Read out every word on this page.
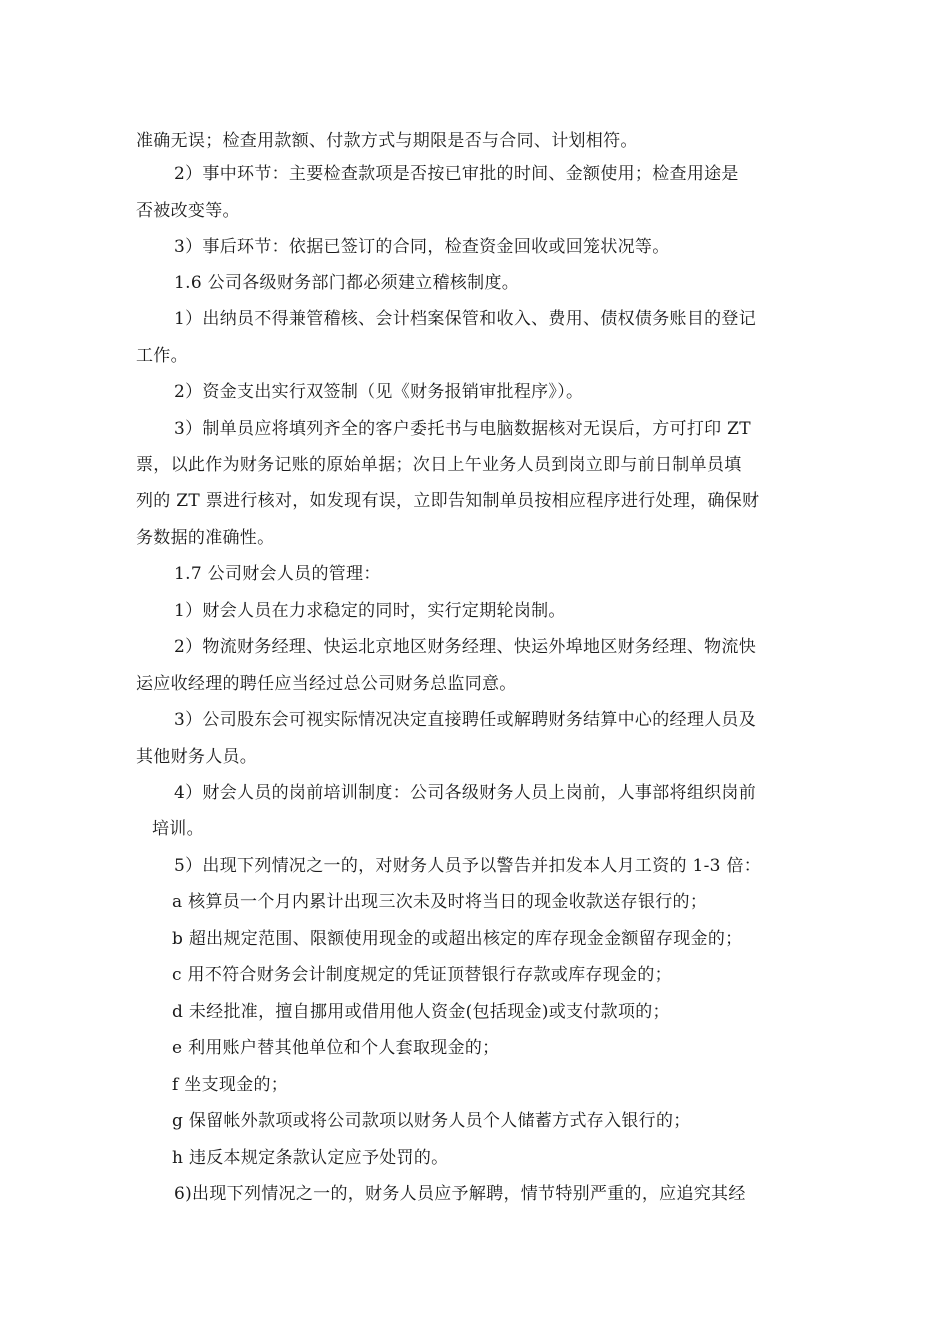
准确无误；检查用款额、付款方式与期限是否与合同、计划相符。
2）事中环节：主要检查款项是否按已审批的时间、金额使用；检查用途是
否被改变等。
3）事后环节：依据已签订的合同，检查资金回收或回笼状况等。
1.6 公司各级财务部门都必须建立稽核制度。
1）出纳员不得兼管稽核、会计档案保管和收入、费用、债权债务账目的登记
工作。
2）资金支出实行双签制（见《财务报销审批程序》）。
3）制单员应将填列齐全的客户委托书与电脑数据核对无误后，方可打印 ZT
票，以此作为财务记账的原始单据；次日上午业务人员到岗立即与前日制单员填
列的 ZT 票进行核对，如发现有误，立即告知制单员按相应程序进行处理，确保财
务数据的准确性。
1.7 公司财会人员的管理：
1）财会人员在力求稳定的同时，实行定期轮岗制。
2）物流财务经理、快运北京地区财务经理、快运外埠地区财务经理、物流快
运应收经理的聘任应当经过总公司财务总监同意。
3）公司股东会可视实际情况决定直接聘任或解聘财务结算中心的经理人员及
其他财务人员。
4）财会人员的岗前培训制度：公司各级财务人员上岗前，人事部将组织岗前
培训。
5）出现下列情况之一的，对财务人员予以警告并扣发本人月工资的 1-3 倍：
a 核算员一个月内累计出现三次未及时将当日的现金收款送存银行的；
b 超出规定范围、限额使用现金的或超出核定的库存现金金额留存现金的；
c 用不符合财务会计制度规定的凭证顶替银行存款或库存现金的；
d 未经批准，擅自挪用或借用他人资金(包括现金)或支付款项的；
e 利用账户替其他单位和个人套取现金的；
f 坐支现金的；
g 保留帐外款项或将公司款项以财务人员个人储蓄方式存入银行的；
h 违反本规定条款认定应予处罚的。
6)出现下列情况之一的，财务人员应予解聘，情节特别严重的，应追究其经
